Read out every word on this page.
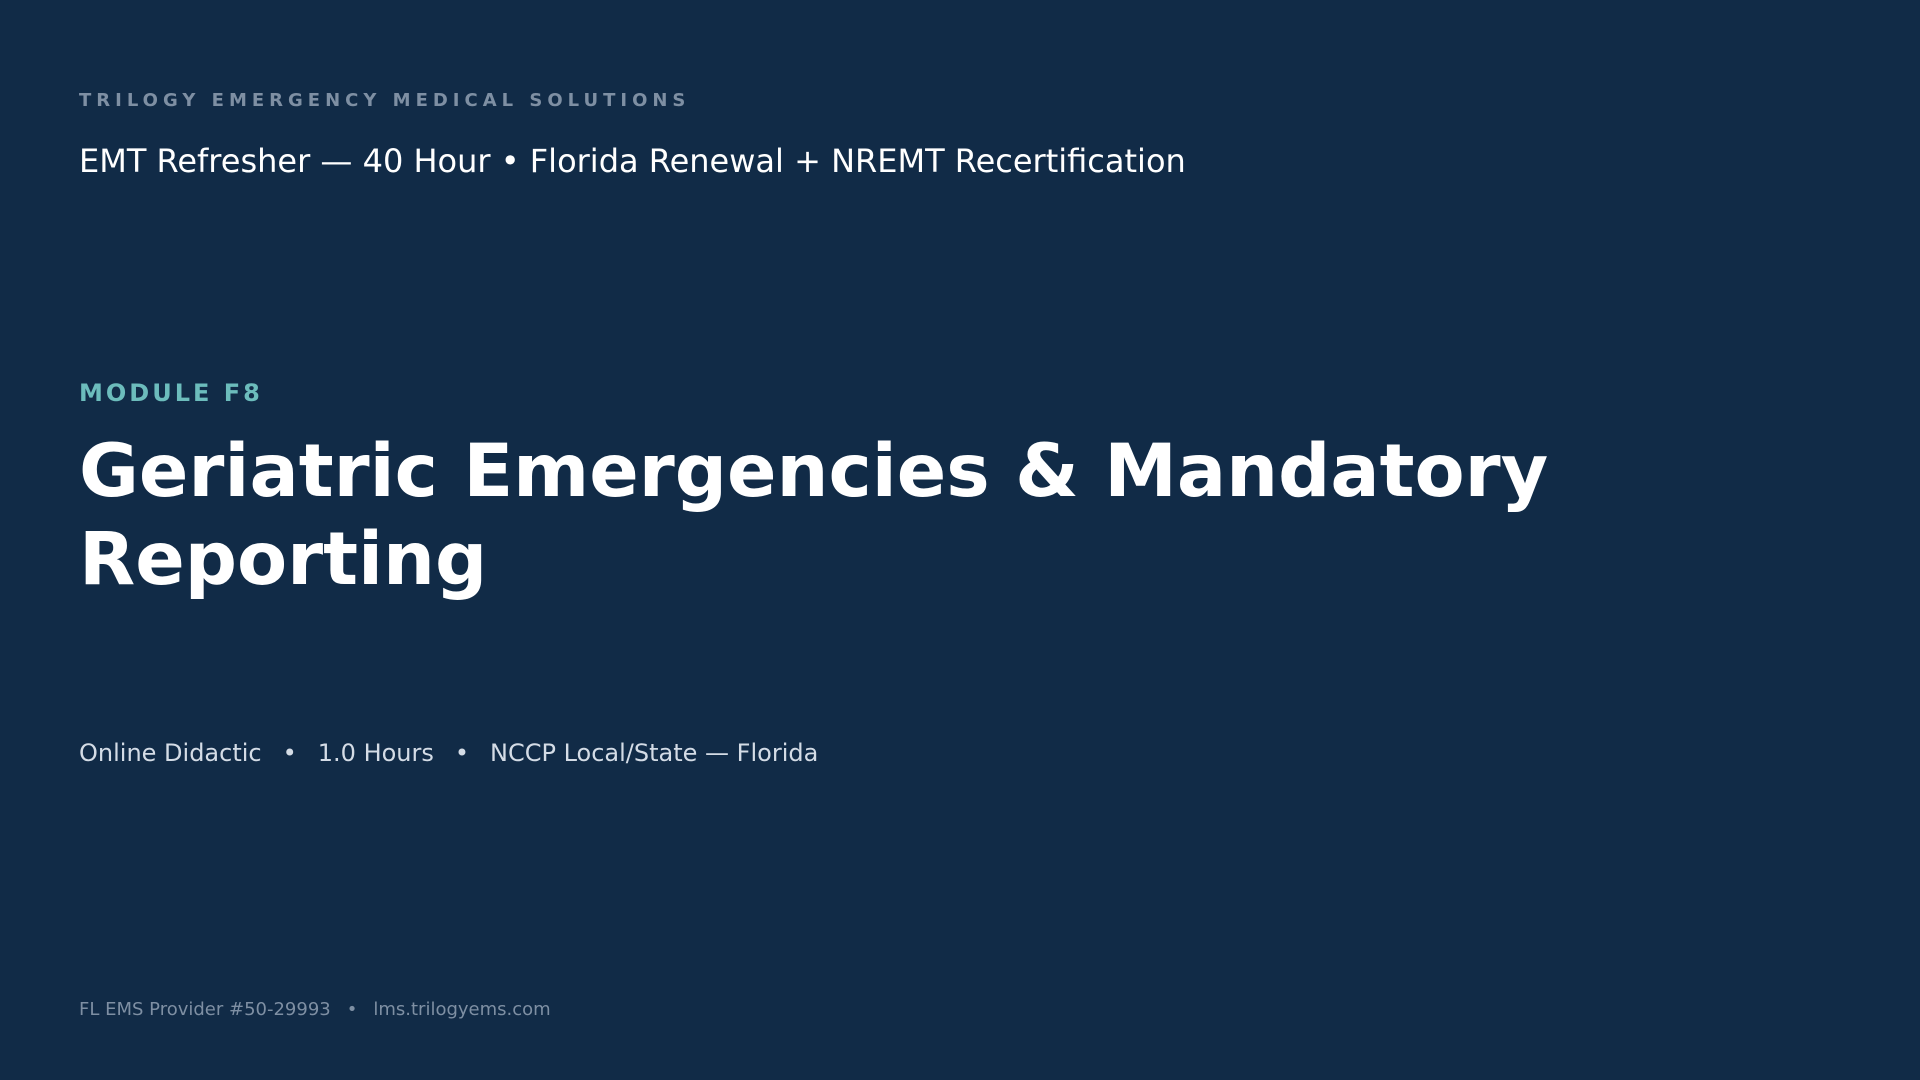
TRILOGY EMERGENCY MEDICAL SOLUTIONS
EMT Refresher — 40 Hour • Florida Renewal + NREMT Recertification
MODULE F8
Geriatric Emergencies & Mandatory Reporting
Online Didactic • 1.0 Hours • NCCP Local/State — Florida
FL EMS Provider #50-29993 • lms.trilogyems.com
